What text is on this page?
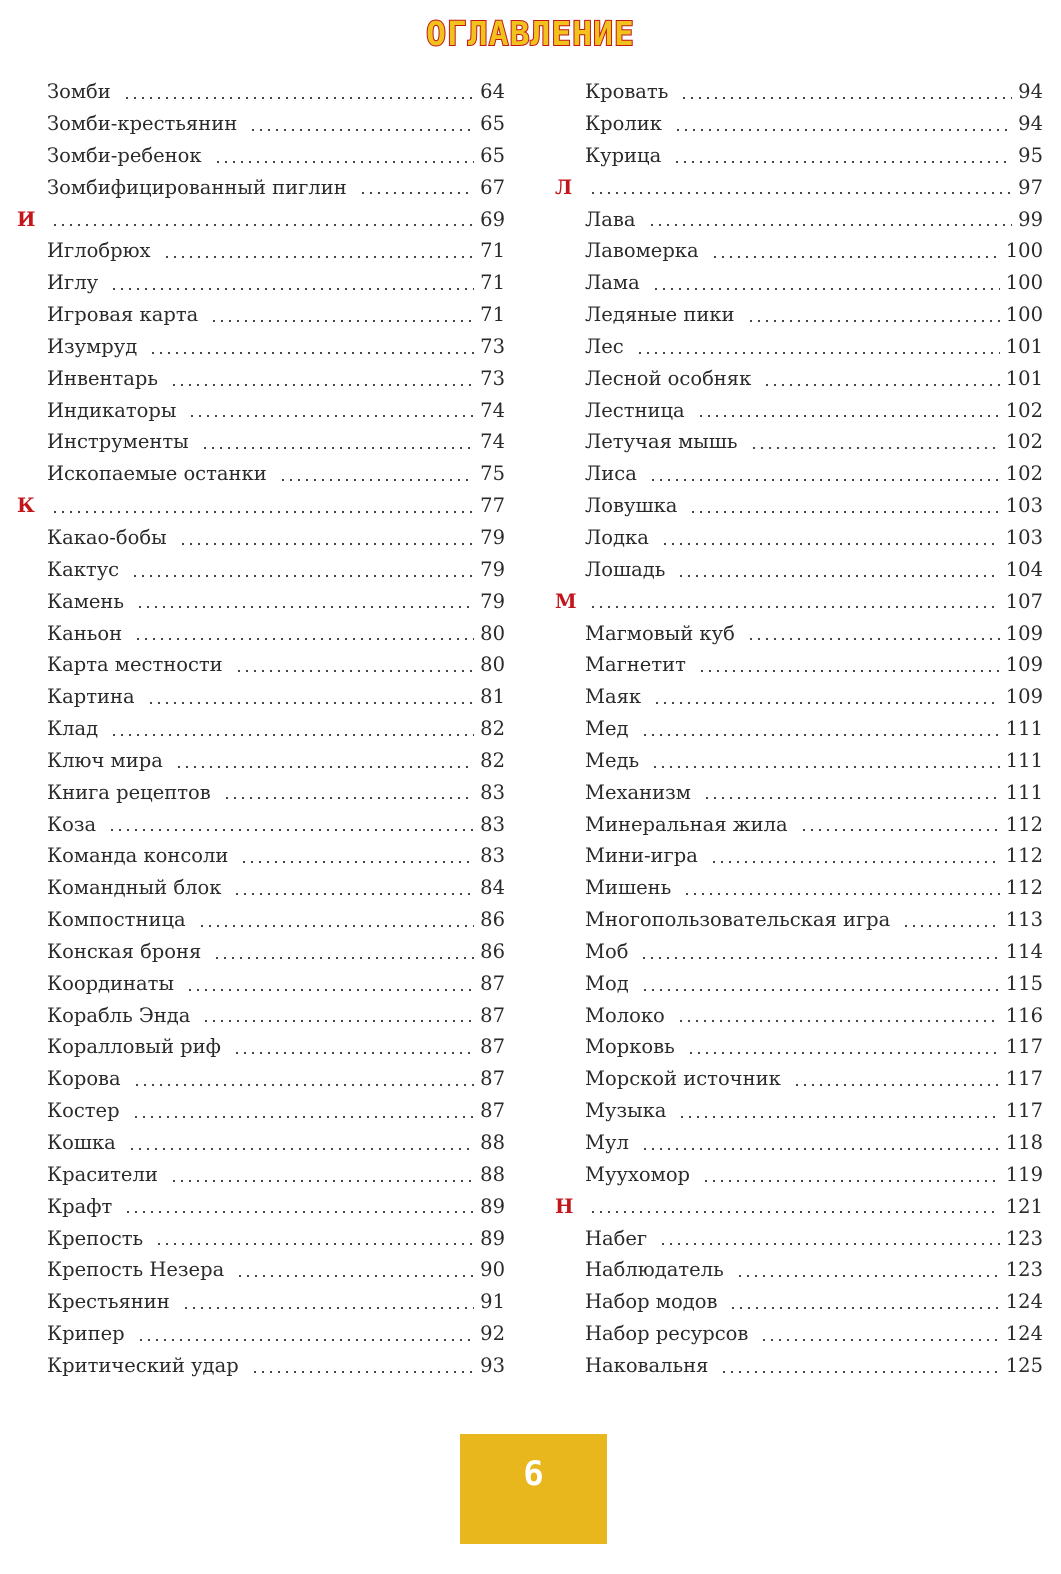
ОГЛАВЛЕНИЕ
Зомби	64
Зомби-крестьянин	65
Зомби-ребенок	65
Зомбифицированный пиглин	67
И	69
Иглобрюх	71
Иглу	71
Игровая карта	71
Изумруд	73
Инвентарь	73
Индикаторы	74
Инструменты	74
Ископаемые останки	75
К	77
Какао-бобы	79
Кактус	79
Камень	79
Каньон	80
Карта местности	80
Картина	81
Клад	82
Ключ мира	82
Книга рецептов	83
Коза	83
Команда консоли	83
Командный блок	84
Компостница	86
Конская броня	86
Координаты	87
Корабль Энда	87
Коралловый риф	87
Корова	87
Костер	87
Кошка	88
Красители	88
Крафт	89
Крепость	89
Крепость Незера	90
Крестьянин	91
Крипер	92
Критический удар	93
Кровать	94
Кролик	94
Курица	95
Л	97
Лава	99
Лавомерка	100
Лама	100
Ледяные пики	100
Лес	101
Лесной особняк	101
Лестница	102
Летучая мышь	102
Лиса	102
Ловушка	103
Лодка	103
Лошадь	104
М	107
Магмовый куб	109
Магнетит	109
Маяк	109
Мед	111
Медь	111
Механизм	111
Минеральная жила	112
Мини-игра	112
Мишень	112
Многопользовательская игра	113
Моб	114
Мод	115
Молоко	116
Морковь	117
Морской источник	117
Музыка	117
Мул	118
Муухомор	119
Н	121
Набег	123
Наблюдатель	123
Набор модов	124
Набор ресурсов	124
Наковальня	125
6
